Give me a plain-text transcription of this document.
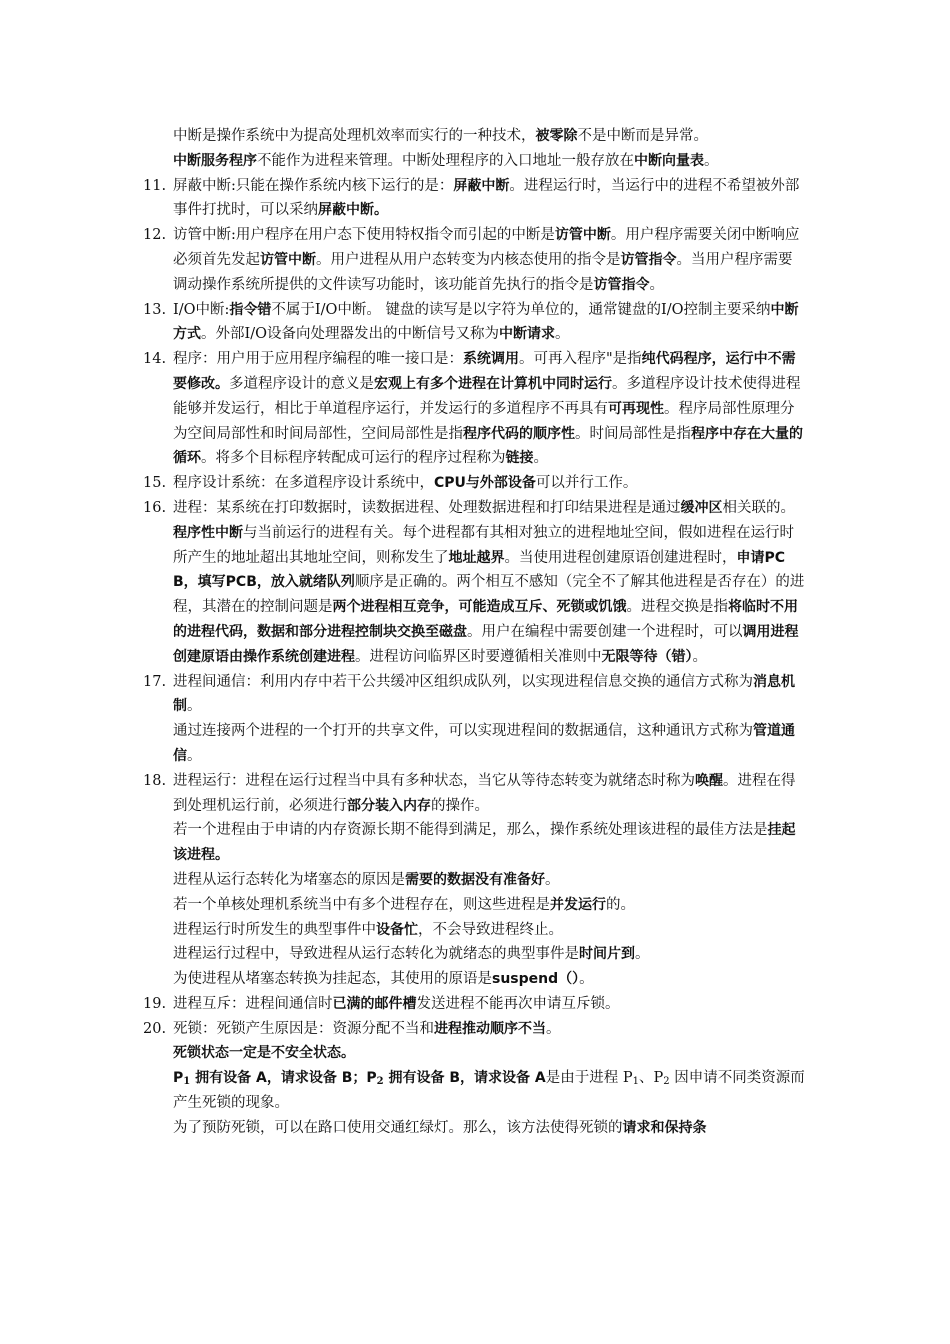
中断是操作系统中为提高处理机效率而实行的一种技术，被零除不是中断而是异常。

中断服务程序不能作为进程来管理。中断处理程序的入口地址一般存放在中断向量表。

11. 屏蔽中断:只能在操作系统内核下运行的是：屏蔽中断。进程运行时，当运行中的进程不希望被外部事件打扰时，可以采纳屏蔽中断。

12. 访管中断:用户程序在用户态下使用特权指令而引起的中断是访管中断。用户程序需要关闭中断响应必须首先发起访管中断。用户进程从用户态转变为内核态使用的指令是访管指令。当用户程序需要调动操作系统所提供的文件读写功能时，该功能首先执行的指令是访管指令。

13. I/O中断:指令错不属于I/O中断。 键盘的读写是以字符为单位的，通常键盘的I/O控制主要采纳中断方式。外部I/O设备向处理器发出的中断信号又称为中断请求。

14. 程序：用户用于应用程序编程的唯一接口是：系统调用。可再入程序"是指纯代码程序，运行中不需要修改。多道程序设计的意义是宏观上有多个进程在计算机中同时运行。多道程序设计技术使得进程能够并发运行，相比于单道程序运行，并发运行的多道程序不再具有可再现性。程序局部性原理分为空间局部性和时间局部性，空间局部性是指程序代码的顺序性。时间局部性是指程序中存在大量的循环。将多个目标程序转配成可运行的程序过程称为链接。

15. 程序设计系统：在多道程序设计系统中，CPU与外部设备可以并行工作。

16. 进程：某系统在打印数据时，读数据进程、处理数据进程和打印结果进程是通过缓冲区相关联的。程序性中断与当前运行的进程有关。每个进程都有其相对独立的进程地址空间，假如进程在运行时所产生的地址超出其地址空间，则称发生了地址越界。当使用进程创建原语创建进程时，申请PCB，填写PCB，放入就绪队列顺序是正确的。两个相互不感知（完全不了解其他进程是否存在）的进程，其潜在的控制问题是两个进程相互竞争，可能造成互斥、死锁或饥饿。进程交换是指将临时不用的进程代码，数据和部分进程控制块交换至磁盘。用户在编程中需要创建一个进程时，可以调用进程创建原语由操作系统创建进程。进程访问临界区时要遵循相关准则中无限等待（错）。

17. 进程间通信：利用内存中若干公共缓冲区组织成队列，以实现进程信息交换的通信方式称为消息机制。

通过连接两个进程的一个打开的共享文件，可以实现进程间的数据通信，这种通讯方式称为管道通信。

18. 进程运行：进程在运行过程当中具有多种状态，当它从等待态转变为就绪态时称为唤醒。进程在得到处理机运行前，必须进行部分装入内存的操作。

若一个进程由于申请的内存资源长期不能得到满足，那么，操作系统处理该进程的最佳方法是挂起该进程。

进程从运行态转化为堵塞态的原因是需要的数据没有准备好。

若一个单核处理机系统当中有多个进程存在，则这些进程是并发运行的。

进程运行时所发生的典型事件中设备忙，不会导致进程终止。

进程运行过程中，导致进程从运行态转化为就绪态的典型事件是时间片到。

为使进程从堵塞态转换为挂起态，其使用的原语是suspend（）。

19. 进程互斥：进程间通信时已满的邮件槽发送进程不能再次申请互斥锁。

20. 死锁：死锁产生原因是：资源分配不当和进程推动顺序不当。

死锁状态一定是不安全状态。

$P_1$ 拥有设备 A，请求设备 B；$P_2$ 拥有设备 B，请求设备 A是由于进程 $P_1$、$P_2$ 因申请不同类资源而产生死锁的现象。

为了预防死锁，可以在路口使用交通红绿灯。那么，该方法使得死锁的请求和保持条
